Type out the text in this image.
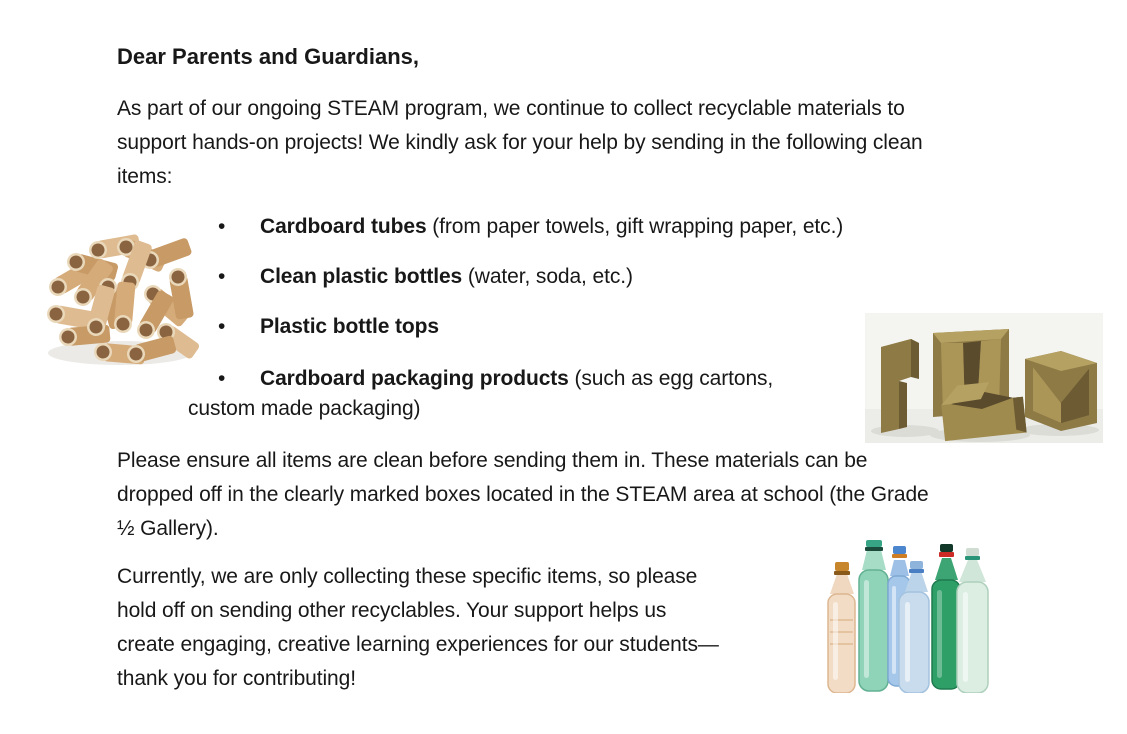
Dear Parents and Guardians,
As part of our ongoing STEAM program, we continue to collect recyclable materials to
support hands-on projects! We kindly ask for your help by sending in the following clean
items:
• Cardboard tubes (from paper towels, gift wrapping paper, etc.)
• Clean plastic bottles (water, soda, etc.)
• Plastic bottle tops
• Cardboard packaging products (such as egg cartons,
custom made packaging)
Please ensure all items are clean before sending them in. These materials can be
dropped off in the clearly marked boxes located in the STEAM area at school (the Grade
½ Gallery).
Currently, we are only collecting these specific items, so please
hold off on sending other recyclables. Your support helps us
create engaging, creative learning experiences for our students—
thank you for contributing!
